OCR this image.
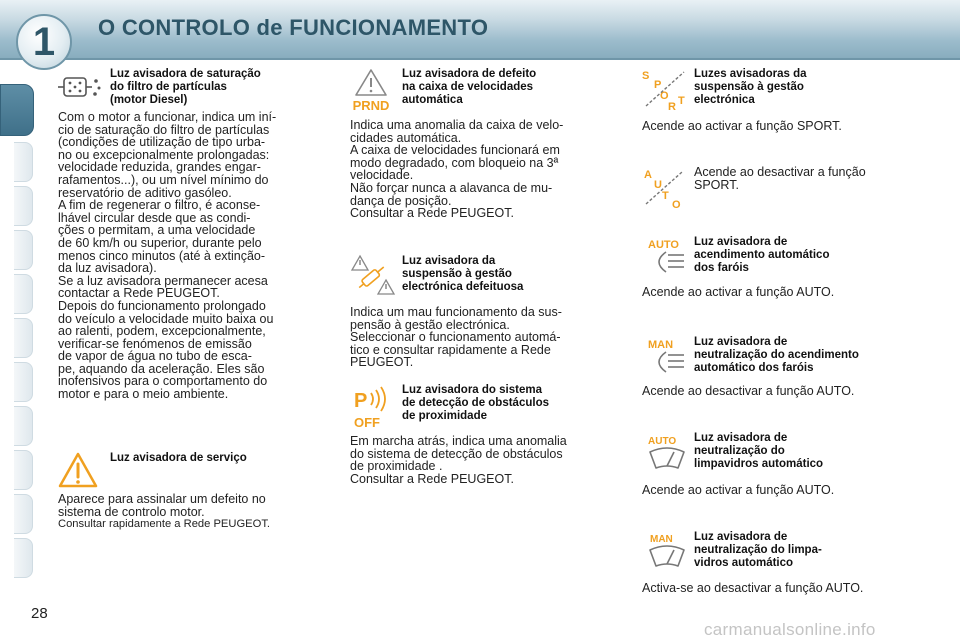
1	O CONTROLO de FUNCIONAMENTO
Luz avisadora de saturação
do filtro de partículas
(motor Diesel)
Com o motor a funcionar, indica um iní-
cio de saturação do filtro de partículas
(condições de utilização de tipo urba-
no ou excepcionalmente prolongadas:
velocidade reduzida, grandes engar-
rafamentos...), ou um nível mínimo do
reservatório de aditivo gasóleo.
A fim de regenerar o filtro, é aconse-
lhável circular desde que as condi-
ções o permitam, a uma velocidade
de 60 km/h ou superior, durante pelo
menos cinco minutos (até à extinção-
da luz avisadora).
Se a luz avisadora permanecer acesa
contactar a Rede PEUGEOT.
Depois do funcionamento prolongado
do veículo a velocidade muito baixa ou
ao ralenti, podem, excepcionalmente,
verificar-se fenómenos de emissão
de vapor de água no tubo de esca-
pe, aquando da aceleração. Eles são
inofensivos para o comportamento do
motor e para o meio ambiente.
Luz avisadora de serviço
Aparece para assinalar um defeito no
sistema de controlo motor.
Consultar rapidamente a Rede PEUGEOT.
PRND
Luz avisadora de defeito
na caixa de velocidades
automática
Indica uma anomalia da caixa de velo-
cidades automática.
A caixa de velocidades funcionará em
modo degradado, com bloqueio na 3ª
velocidade.
Não forçar nunca a alavanca de mu-
dança de posição.
Consultar a Rede PEUGEOT.
Luz avisadora da
suspensão à gestão
electrónica defeituosa
Indica um mau funcionamento da sus-
pensão à gestão electrónica.
Seleccionar o funcionamento automá-
tico e consultar rapidamente a Rede
PEUGEOT.
P
OFF
Luz avisadora do sistema
de detecção de obstáculos
de proximidade
Em marcha atrás, indica uma anomalia
do sistema de detecção de obstáculos
de proximidade .
Consultar a Rede PEUGEOT.
S
P
O
R T
Luzes avisadoras da
suspensão à gestão
electrónica
Acende ao activar a função SPORT.
A
U
T
O
Acende ao desactivar a função
SPORT.
AUTO Luz avisadora de
acendimento automático
dos faróis
Acende ao activar a função AUTO.
MAN Luz avisadora de
neutralização do acendimento
automático dos faróis
Acende ao desactivar a função AUTO.
AUTO Luz avisadora de
neutralização do
limpavidros automático
Acende ao activar a função AUTO.
MAN Luz avisadora de
neutralização do limpa-
vidros automático
Activa-se ao desactivar a função AUTO.
28
carmanualsonline.info
